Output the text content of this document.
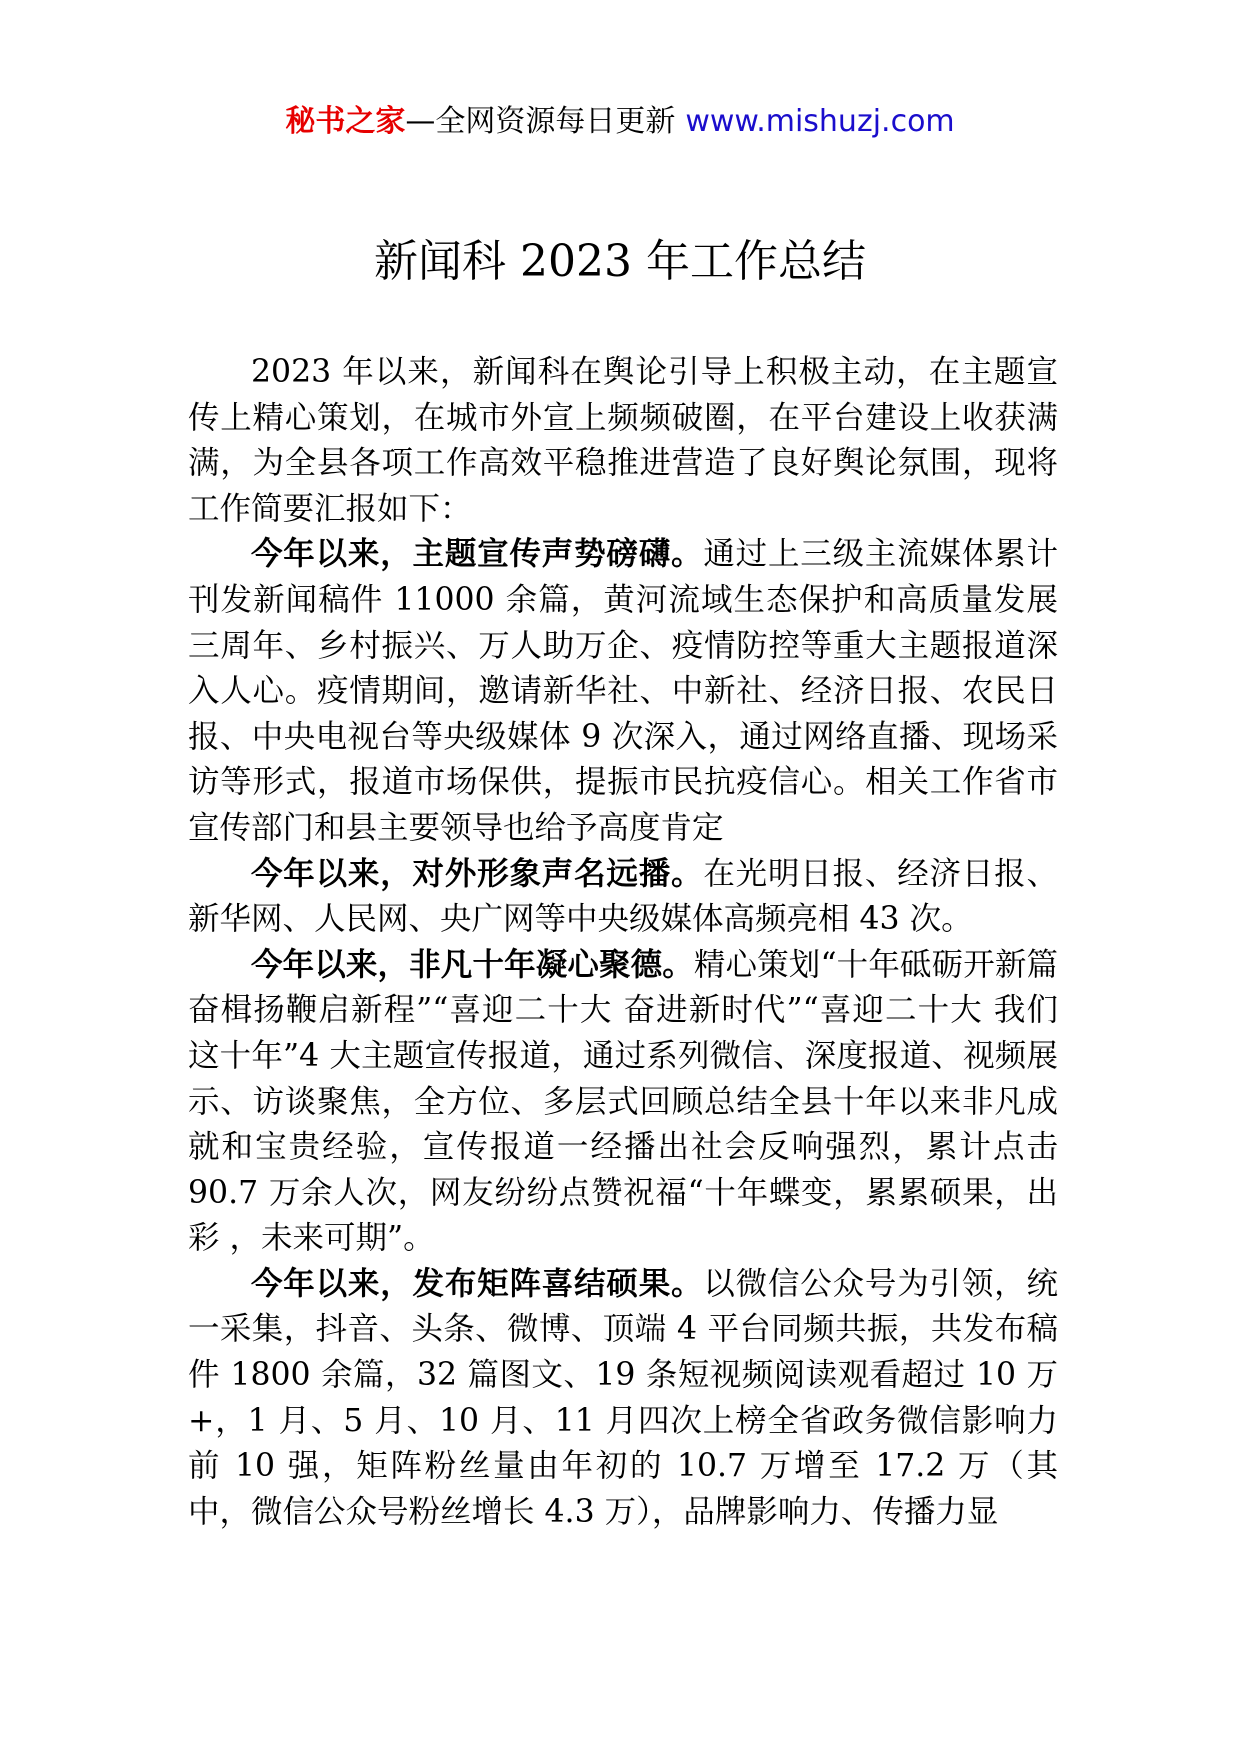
秘书之家—全网资源每日更新 www.mishuzj.com
新闻科 2023 年工作总结

2023 年以来，新闻科在舆论引导上积极主动，在主题宣传上精心策划，在城市外宣上频频破圈，在平台建设上收获满满，为全县各项工作高效平稳推进营造了良好舆论氛围，现将工作简要汇报如下：

今年以来，主题宣传声势磅礴。通过上三级主流媒体累计刊发新闻稿件 11000 余篇，黄河流域生态保护和高质量发展三周年、乡村振兴、万人助万企、疫情防控等重大主题报道深入人心。疫情期间，邀请新华社、中新社、经济日报、农民日报、中央电视台等央级媒体 9 次深入，通过网络直播、现场采访等形式，报道市场保供，提振市民抗疫信心。相关工作省市宣传部门和县主要领导也给予高度肯定

今年以来，对外形象声名远播。在光明日报、经济日报、新华网、人民网、央广网等中央级媒体高频亮相 43 次。

今年以来，非凡十年凝心聚德。精心策划“十年砥砺开新篇 奋楫扬鞭启新程”“喜迎二十大 奋进新时代”“喜迎二十大 我们这十年”4 大主题宣传报道，通过系列微信、深度报道、视频展示、访谈聚焦，全方位、多层式回顾总结全县十年以来非凡成就和宝贵经验，宣传报道一经播出社会反响强烈，累计点击 90.7 万余人次，网友纷纷点赞祝福“十年蝶变，累累硕果，出彩 ，未来可期”。

今年以来，发布矩阵喜结硕果。以微信公众号为引领，统一采集，抖音、头条、微博、顶端 4 平台同频共振，共发布稿件 1800 余篇，32 篇图文、19 条短视频阅读观看超过 10 万+，1 月、5 月、10 月、11 月四次上榜全省政务微信影响力前 10 强，矩阵粉丝量由年初的 10.7 万增至 17.2 万（其中，微信公众号粉丝增长 4.3 万），品牌影响力、传播力显
